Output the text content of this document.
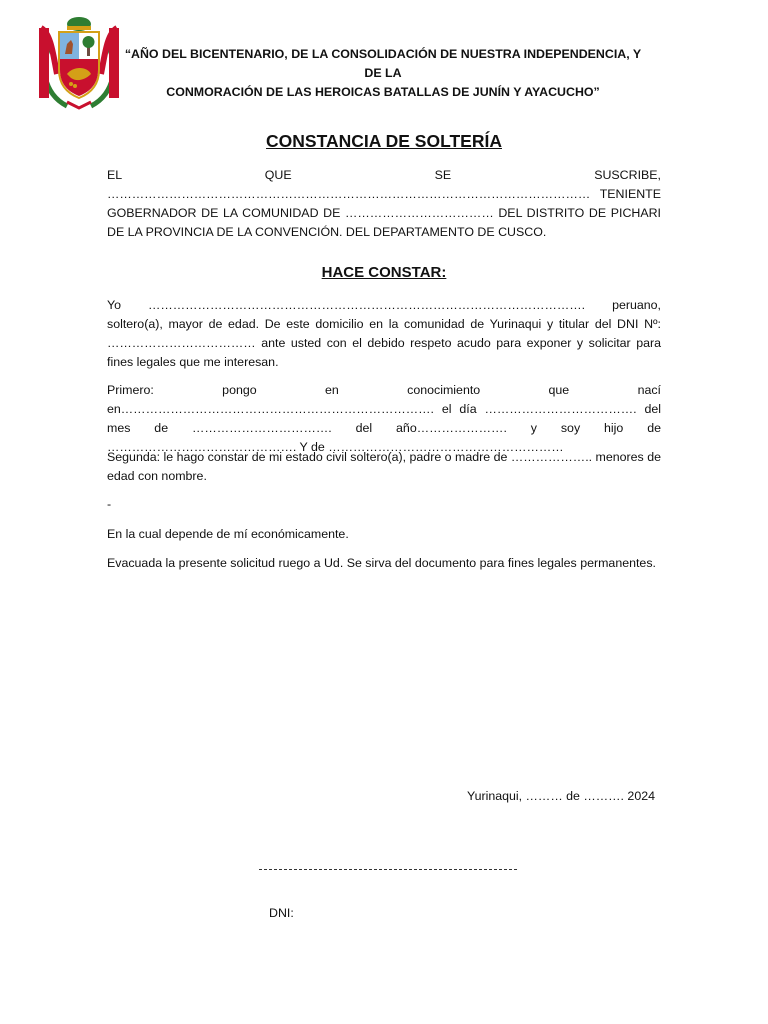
“AÑO DEL BICENTENARIO, DE LA CONSOLIDACIÓN DE NUESTRA INDEPENDENCIA, Y DE LA
CONMORACIÓN DE LAS HEROICAS BATALLAS DE JUNÍN Y AYACUCHO”
CONSTANCIA DE SOLTERÍA

EL QUE SE SUSCRIBE, ……………………………………………………………………………………………………… TENIENTE GOBERNADOR DE LA COMUNIDAD DE ……………………………… DEL DISTRITO DE PICHARI DE LA PROVINCIA DE LA CONVENCIÓN. DEL DEPARTAMENTO DE CUSCO.

HACE CONSTAR:

Yo ……………………………………………………………………………………………. peruano, soltero(a), mayor de edad. De este domicilio en la comunidad de Yurinaqui y titular del DNI Nº: ……………………………… ante usted con el debido respeto acudo para exponer y solicitar para fines legales que me interesan.

Primero: pongo en conocimiento que nací en…………………………………………………………………. el día ………………………………. del mes de ……………………………. del año…………………. y soy hijo de ………………………………………. Y de …………………………………………………

Segunda: le hago constar de mi estado civil soltero(a), padre o madre de ……………….. menores de edad con nombre.

-

En la cual depende de mí económicamente.

Evacuada la presente solicitud ruego a Ud. Se sirva del documento para fines legales permanentes.

Yurinaqui, ……… de ………. 2024
DNI:
